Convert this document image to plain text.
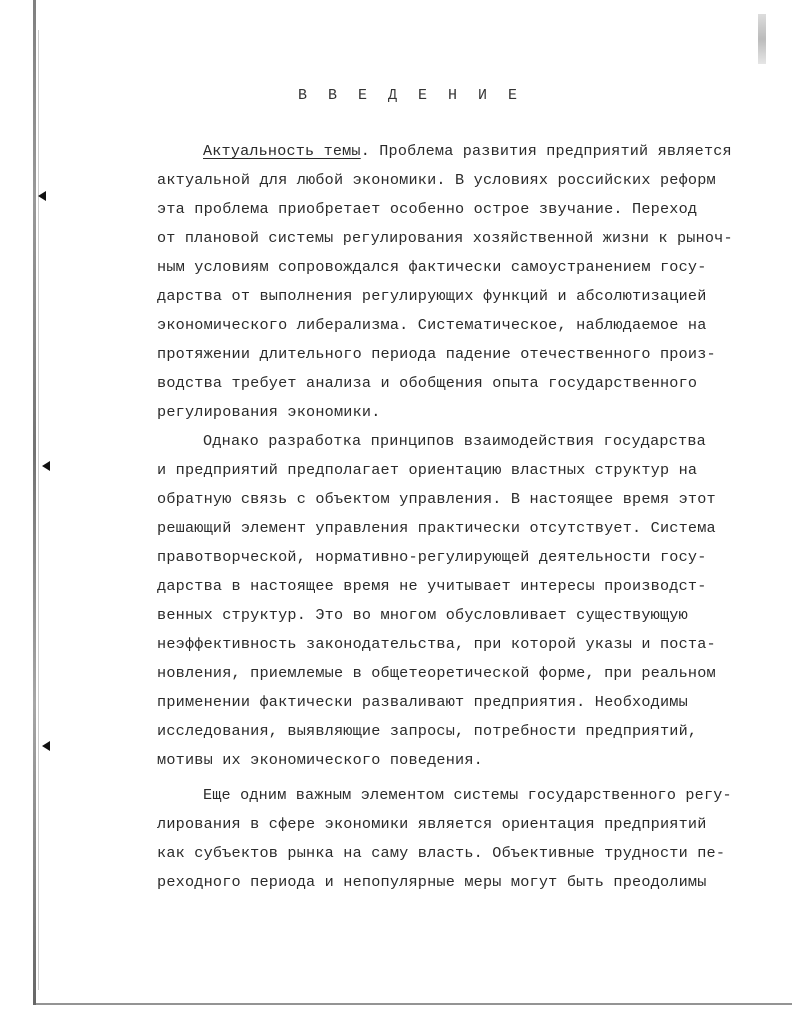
В В Е Д Е Н И Е
Актуальность темы. Проблема развития предприятий является
актуальной для любой экономики. В условиях российских реформ
эта проблема приобретает особенно острое звучание. Переход
от плановой системы регулирования хозяйственной жизни к рыноч-
ным условиям сопровождался фактически самоустранением госу-
дарства от выполнения регулирующих функций и абсолютизацией
экономического либерализма. Систематическое, наблюдаемое на
протяжении длительного периода падение отечественного произ-
водства требует анализа и обобщения опыта государственного
регулирования экономики.
Однако разработка принципов взаимодействия государства
и предприятий предполагает ориентацию властных структур на
обратную связь с объектом управления. В настоящее время этот
решающий элемент управления практически отсутствует. Система
правотворческой, нормативно-регулирующей деятельности госу-
дарства в настоящее время не учитывает интересы производст-
венных структур. Это во многом обусловливает существующую
неэффективность законодательства, при которой указы и поста-
новления, приемлемые в общетеоретической форме, при реальном
применении фактически разваливают предприятия. Необходимы
исследования, выявляющие запросы, потребности предприятий,
мотивы их экономического поведения.
Еще одним важным элементом системы государственного регу-
лирования в сфере экономики является ориентация предприятий
как субъектов рынка на саму власть. Объективные трудности пе-
реходного периода и непопулярные меры могут быть преодолимы
